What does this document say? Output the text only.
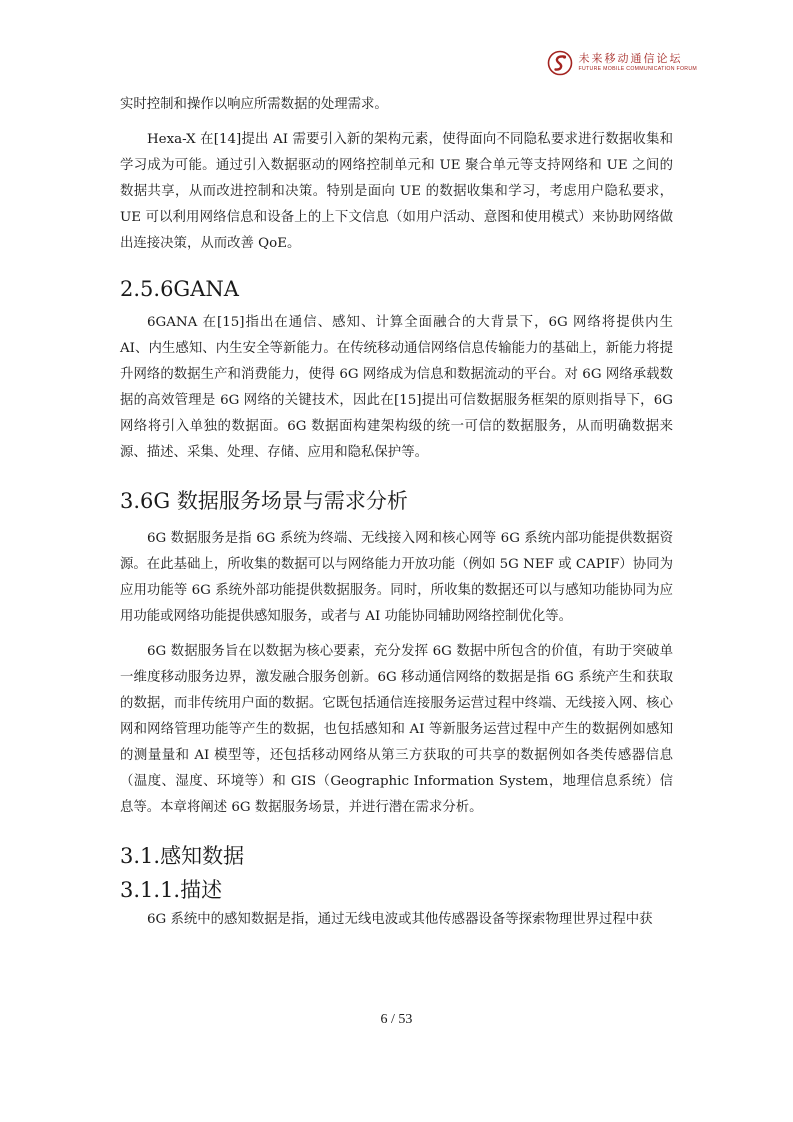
未来移动通信论坛
FUTURE MOBILE COMMUNICATION FORUM

实时控制和操作以响应所需数据的处理需求。

Hexa-X 在[14]提出 AI 需要引入新的架构元素，使得面向不同隐私要求进行数据收集和学习成为可能。通过引入数据驱动的网络控制单元和 UE 聚合单元等支持网络和 UE 之间的数据共享，从而改进控制和决策。特别是面向 UE 的数据收集和学习，考虑用户隐私要求，UE 可以利用网络信息和设备上的上下文信息（如用户活动、意图和使用模式）来协助网络做出连接决策，从而改善 QoE。

2.5.6GANA

6GANA 在[15]指出在通信、感知、计算全面融合的大背景下，6G 网络将提供内生 AI、内生感知、内生安全等新能力。在传统移动通信网络信息传输能力的基础上，新能力将提升网络的数据生产和消费能力，使得 6G 网络成为信息和数据流动的平台。对 6G 网络承载数据的高效管理是 6G 网络的关键技术，因此在[15]提出可信数据服务框架的原则指导下，6G 网络将引入单独的数据面。6G 数据面构建架构级的统一可信的数据服务，从而明确数据来源、描述、采集、处理、存储、应用和隐私保护等。

3.6G 数据服务场景与需求分析

6G 数据服务是指 6G 系统为终端、无线接入网和核心网等 6G 系统内部功能提供数据资源。在此基础上，所收集的数据可以与网络能力开放功能（例如 5G NEF 或 CAPIF）协同为应用功能等 6G 系统外部功能提供数据服务。同时，所收集的数据还可以与感知功能协同为应用功能或网络功能提供感知服务，或者与 AI 功能协同辅助网络控制优化等。

6G 数据服务旨在以数据为核心要素，充分发挥 6G 数据中所包含的价值，有助于突破单一维度移动服务边界，激发融合服务创新。6G 移动通信网络的数据是指 6G 系统产生和获取的数据，而非传统用户面的数据。它既包括通信连接服务运营过程中终端、无线接入网、核心网和网络管理功能等产生的数据，也包括感知和 AI 等新服务运营过程中产生的数据例如感知的测量量和 AI 模型等，还包括移动网络从第三方获取的可共享的数据例如各类传感器信息（温度、湿度、环境等）和 GIS（Geographic Information System，地理信息系统）信息等。本章将阐述 6G 数据服务场景，并进行潜在需求分析。

3.1.感知数据
3.1.1.描述

6G 系统中的感知数据是指，通过无线电波或其他传感器设备等探索物理世界过程中获

6 / 53
